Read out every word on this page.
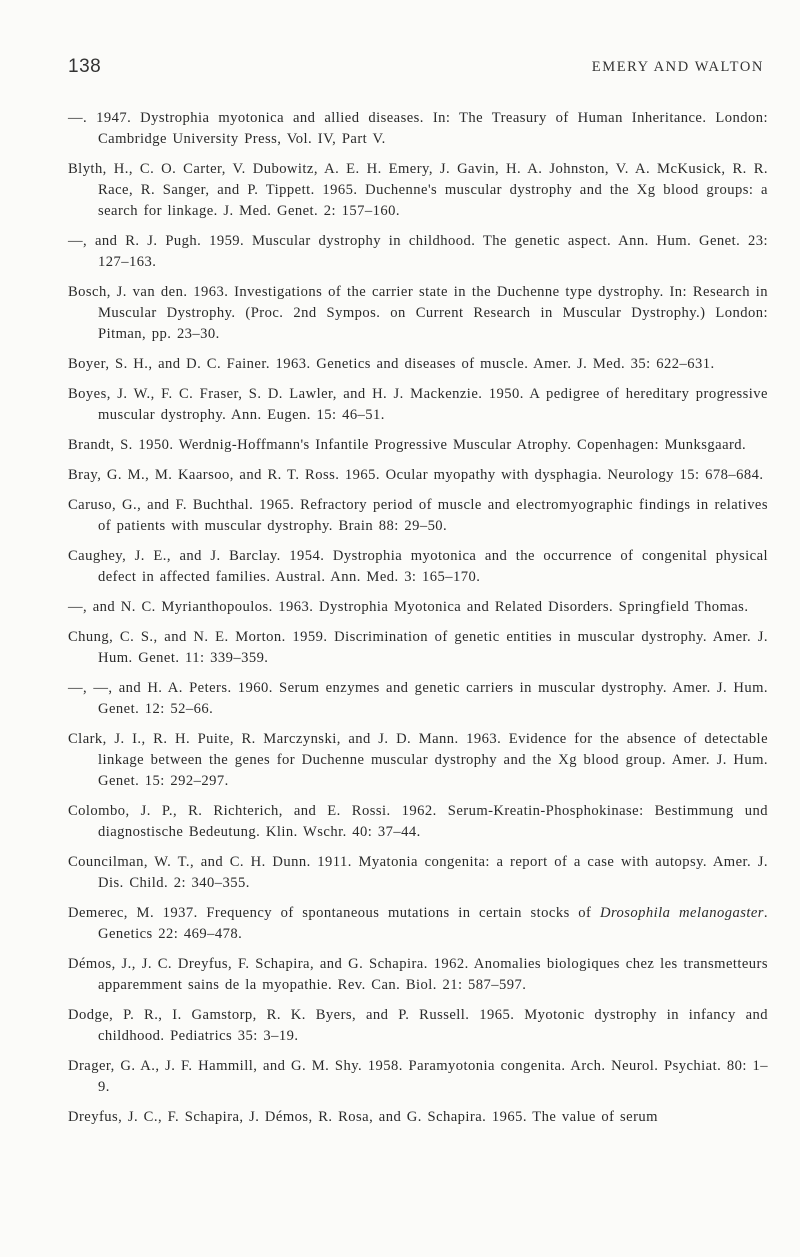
138	EMERY AND WALTON
—. 1947. Dystrophia myotonica and allied diseases. In: The Treasury of Human Inheritance. London: Cambridge University Press, Vol. IV, Part V.
Blyth, H., C. O. Carter, V. Dubowitz, A. E. H. Emery, J. Gavin, H. A. Johnston, V. A. McKusick, R. R. Race, R. Sanger, and P. Tippett. 1965. Duchenne's muscular dystrophy and the Xg blood groups: a search for linkage. J. Med. Genet. 2: 157–160.
—, and R. J. Pugh. 1959. Muscular dystrophy in childhood. The genetic aspect. Ann. Hum. Genet. 23: 127–163.
Bosch, J. van den. 1963. Investigations of the carrier state in the Duchenne type dystrophy. In: Research in Muscular Dystrophy. (Proc. 2nd Sympos. on Current Research in Muscular Dystrophy.) London: Pitman, pp. 23–30.
Boyer, S. H., and D. C. Fainer. 1963. Genetics and diseases of muscle. Amer. J. Med. 35: 622–631.
Boyes, J. W., F. C. Fraser, S. D. Lawler, and H. J. Mackenzie. 1950. A pedigree of hereditary progressive muscular dystrophy. Ann. Eugen. 15: 46–51.
Brandt, S. 1950. Werdnig-Hoffmann's Infantile Progressive Muscular Atrophy. Copenhagen: Munksgaard.
Bray, G. M., M. Kaarsoo, and R. T. Ross. 1965. Ocular myopathy with dysphagia. Neurology 15: 678–684.
Caruso, G., and F. Buchthal. 1965. Refractory period of muscle and electromyographic findings in relatives of patients with muscular dystrophy. Brain 88: 29–50.
Caughey, J. E., and J. Barclay. 1954. Dystrophia myotonica and the occurrence of congenital physical defect in affected families. Austral. Ann. Med. 3: 165–170.
—, and N. C. Myrianthopoulos. 1963. Dystrophia Myotonica and Related Disorders. Springfield Thomas.
Chung, C. S., and N. E. Morton. 1959. Discrimination of genetic entities in muscular dystrophy. Amer. J. Hum. Genet. 11: 339–359.
—, —, and H. A. Peters. 1960. Serum enzymes and genetic carriers in muscular dystrophy. Amer. J. Hum. Genet. 12: 52–66.
Clark, J. I., R. H. Puite, R. Marczynski, and J. D. Mann. 1963. Evidence for the absence of detectable linkage between the genes for Duchenne muscular dystrophy and the Xg blood group. Amer. J. Hum. Genet. 15: 292–297.
Colombo, J. P., R. Richterich, and E. Rossi. 1962. Serum-Kreatin-Phosphokinase: Bestimmung und diagnostische Bedeutung. Klin. Wschr. 40: 37–44.
Councilman, W. T., and C. H. Dunn. 1911. Myatonia congenita: a report of a case with autopsy. Amer. J. Dis. Child. 2: 340–355.
Demerec, M. 1937. Frequency of spontaneous mutations in certain stocks of Drosophila melanogaster. Genetics 22: 469–478.
Démos, J., J. C. Dreyfus, F. Schapira, and G. Schapira. 1962. Anomalies biologiques chez les transmetteurs apparemment sains de la myopathie. Rev. Can. Biol. 21: 587–597.
Dodge, P. R., I. Gamstorp, R. K. Byers, and P. Russell. 1965. Myotonic dystrophy in infancy and childhood. Pediatrics 35: 3–19.
Drager, G. A., J. F. Hammill, and G. M. Shy. 1958. Paramyotonia congenita. Arch. Neurol. Psychiat. 80: 1–9.
Dreyfus, J. C., F. Schapira, J. Démos, R. Rosa, and G. Schapira. 1965. The value of serum
